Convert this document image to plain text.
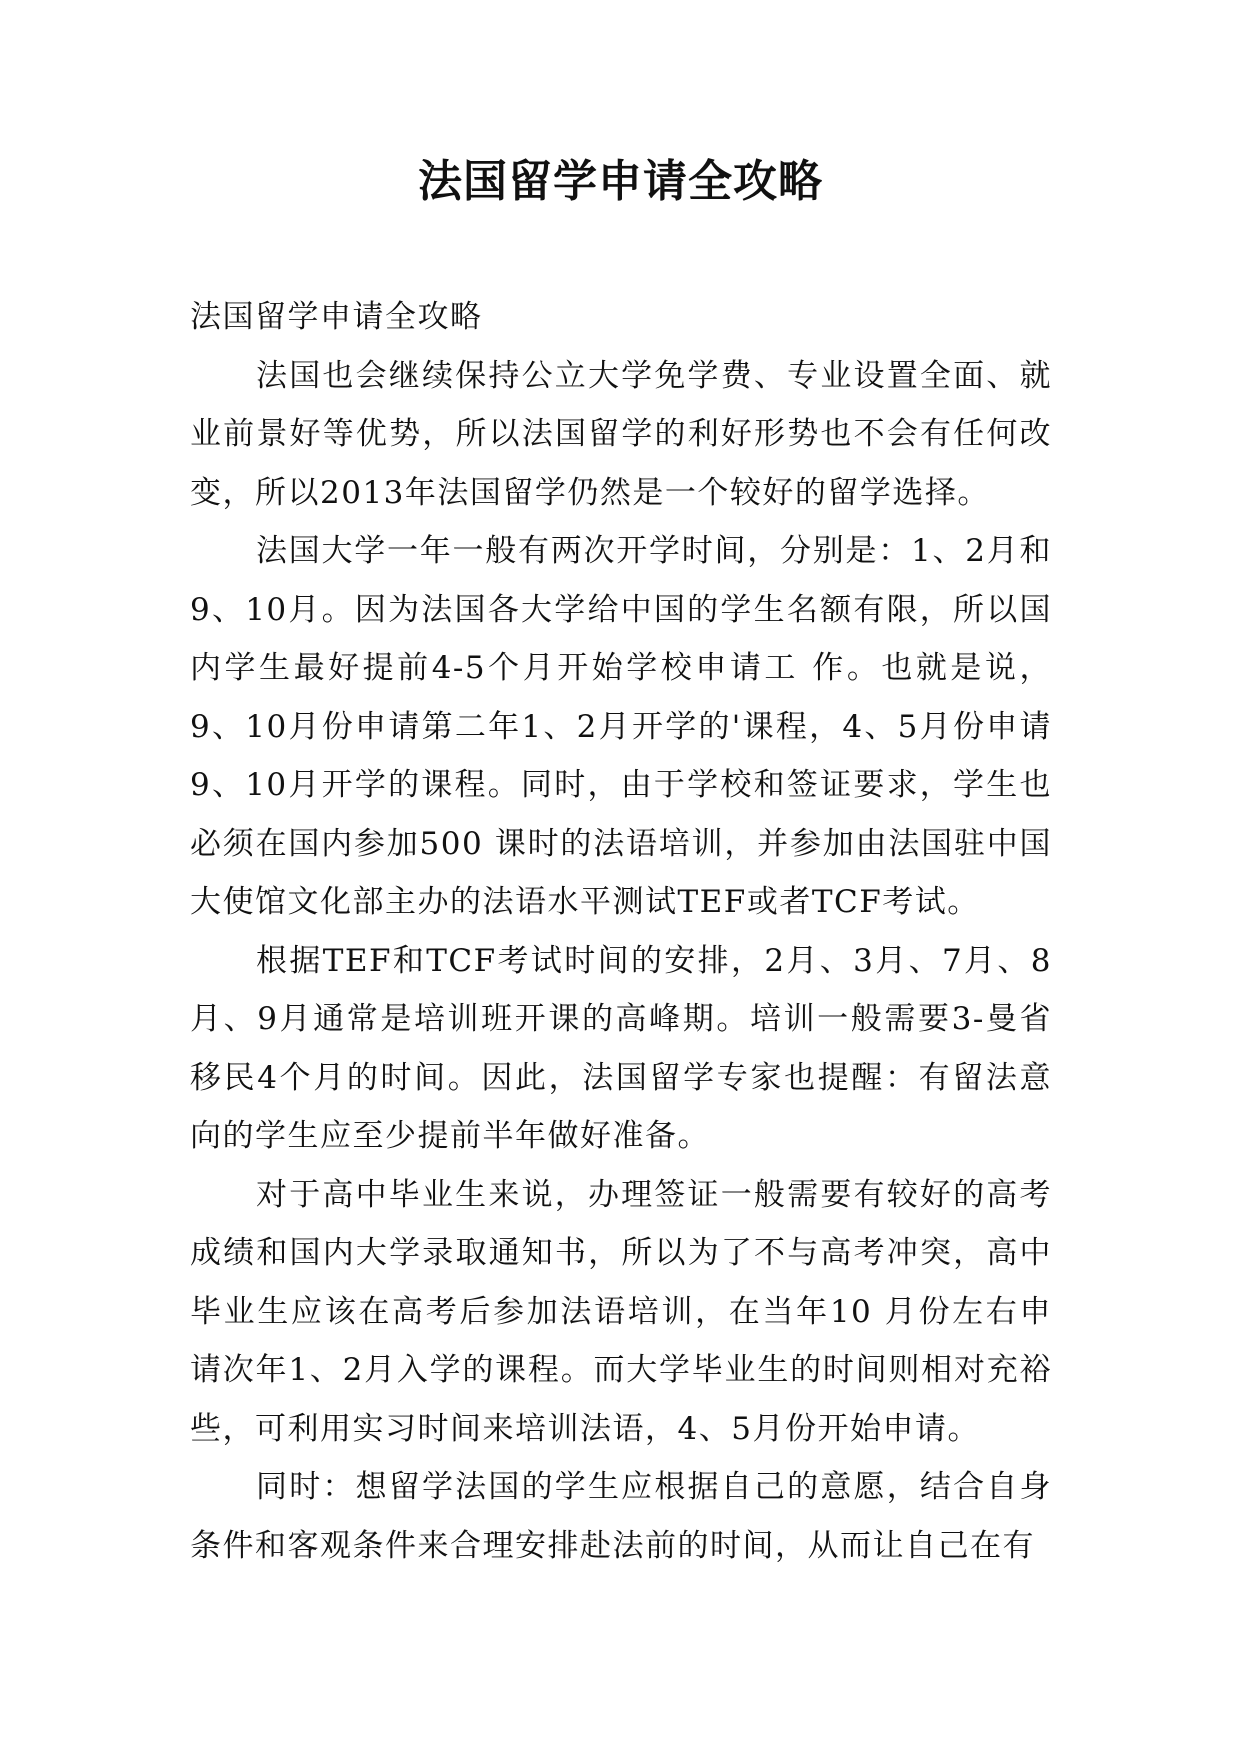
法国留学申请全攻略

法国留学申请全攻略

法国也会继续保持公立大学免学费、专业设置全面、就业前景好等优势，所以法国留学的利好形势也不会有任何改变，所以2013年法国留学仍然是一个较好的留学选择。

法国大学一年一般有两次开学时间，分别是：1、2月和9、10月。因为法国各大学给中国的学生名额有限，所以国内学生最好提前4-5个月开始学校申请工 作。也就是说，9、10月份申请第二年1、2月开学的'课程，4、5月份申请9、10月开学的课程。同时，由于学校和签证要求，学生也必须在国内参加500 课时的法语培训，并参加由法国驻中国大使馆文化部主办的法语水平测试TEF或者TCF考试。

根据TEF和TCF考试时间的安排，2月、3月、7月、8月、9月通常是培训班开课的高峰期。培训一般需要3-曼省移民4个月的时间。因此，法国留学专家也提醒：有留法意向的学生应至少提前半年做好准备。

对于高中毕业生来说，办理签证一般需要有较好的高考成绩和国内大学录取通知书，所以为了不与高考冲突，高中毕业生应该在高考后参加法语培训，在当年10 月份左右申请次年1、2月入学的课程。而大学毕业生的时间则相对充裕些，可利用实习时间来培训法语，4、5月份开始申请。

同时：想留学法国的学生应根据自己的意愿，结合自身条件和客观条件来合理安排赴法前的时间，从而让自己在有
